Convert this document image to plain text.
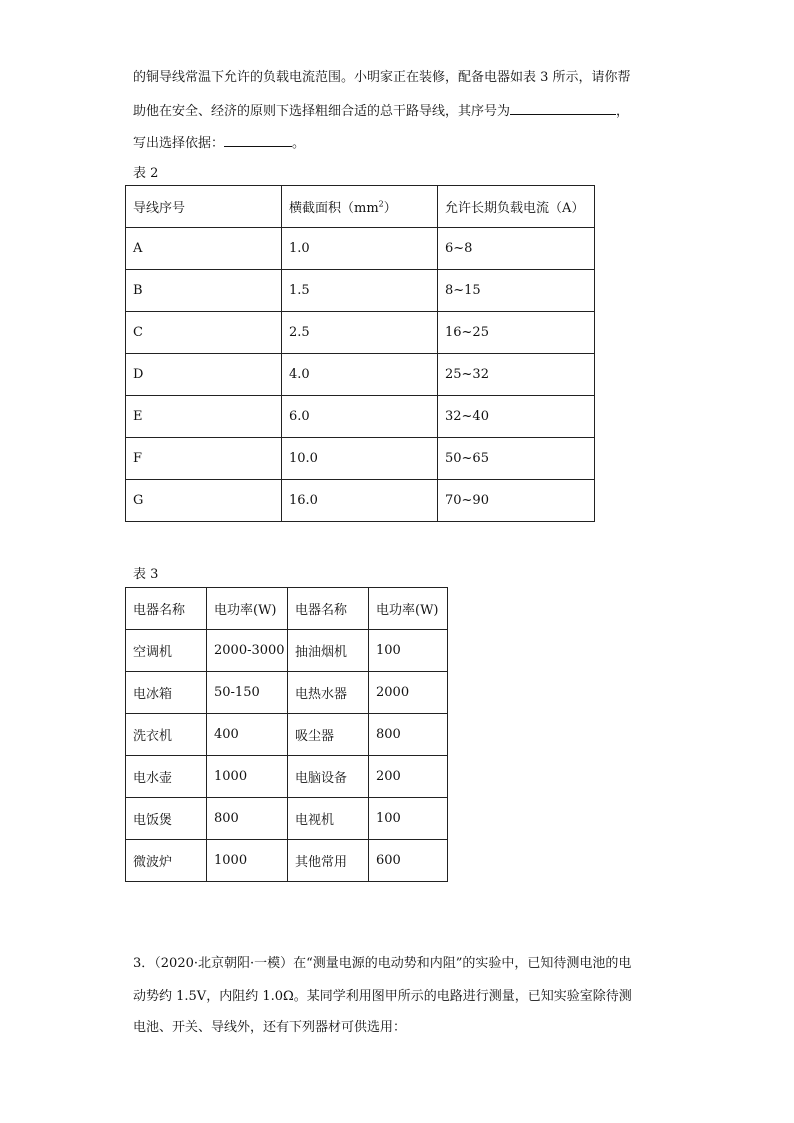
的铜导线常温下允许的负载电流范围。小明家正在装修，配备电器如表 3 所示，请你帮
助他在安全、经济的原则下选择粗细合适的总干路导线，其序号为	，
写出选择依据：	。
表 2
导线序号	横截面积$(mm^2)$	允许长期负载电流（A）
A	1.0	6~8
B	1.5	8~15
C	2.5	16~25
D	4.0	25~32
E	6.0	32~40
F	10.0	50~65
G	16.0	70~90
表 3
电器名称	电功率(W)	电器名称	电功率(W)
空调机	2000-3000	抽油烟机	100
电冰箱	50-150	电热水器	2000
洗衣机	400	吸尘器	800
电水壶	1000	电脑设备	200
电饭煲	800	电视机	100
微波炉	1000	其他常用	600
3．（2020·北京朝阳·一模）在“测量电源的电动势和内阻”的实验中，已知待测电池的电
动势约 1.5V，内阻约 1.0Ω。某同学利用图甲所示的电路进行测量，已知实验室除待测
电池、开关、导线外，还有下列器材可供选用：
